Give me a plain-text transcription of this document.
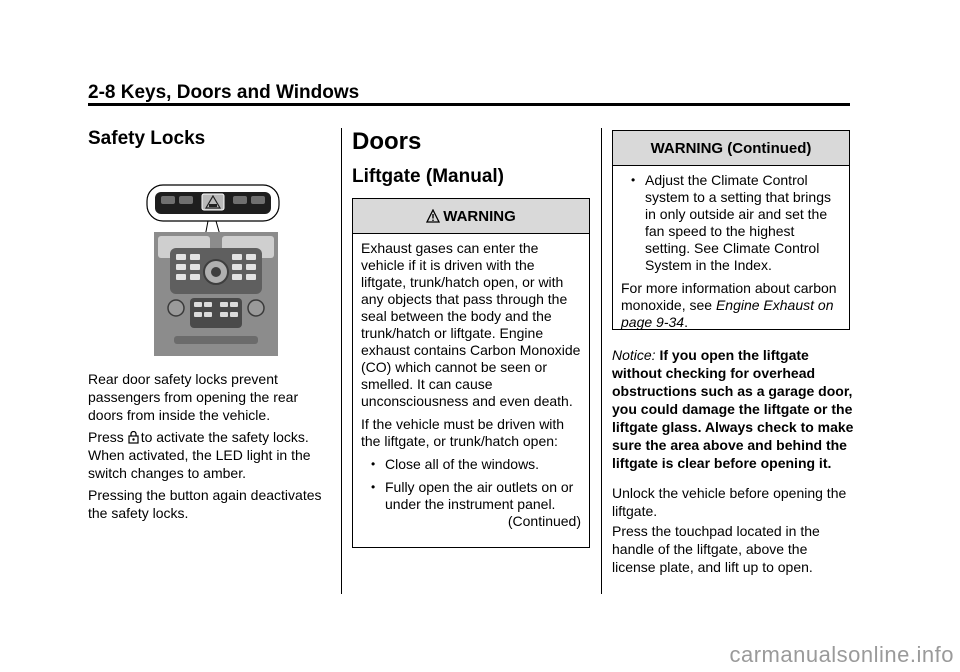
2-8 Keys, Doors and Windows
Safety Locks

Rear door safety locks prevent passengers from opening the rear doors from inside the vehicle.

Press to activate the safety locks.

When activated, the LED light in the switch changes to amber.

Pressing the button again deactivates the safety locks.

Doors
Liftgate (Manual)
WARNING

Exhaust gases can enter the vehicle if it is driven with the liftgate, trunk/hatch open, or with any objects that pass through the seal between the body and the trunk/hatch or liftgate. Engine exhaust contains Carbon Monoxide (CO) which cannot be seen or smelled. It can cause unconsciousness and even death.

If the vehicle must be driven with the liftgate, or trunk/hatch open:

• Close all of the windows.

• Fully open the air outlets on or under the instrument panel.

(Continued)

WARNING (Continued)

• Adjust the Climate Control system to a setting that brings in only outside air and set the fan speed to the highest setting. See Climate Control System in the Index.

For more information about carbon monoxide, see Engine Exhaust on page 9-34.

Notice: If you open the liftgate without checking for overhead obstructions such as a garage door, you could damage the liftgate or the liftgate glass. Always check to make sure the area above and behind the liftgate is clear before opening it.

Unlock the vehicle before opening the liftgate.

Press the touchpad located in the handle of the liftgate, above the license plate, and lift up to open.

carmanualsonline.info
